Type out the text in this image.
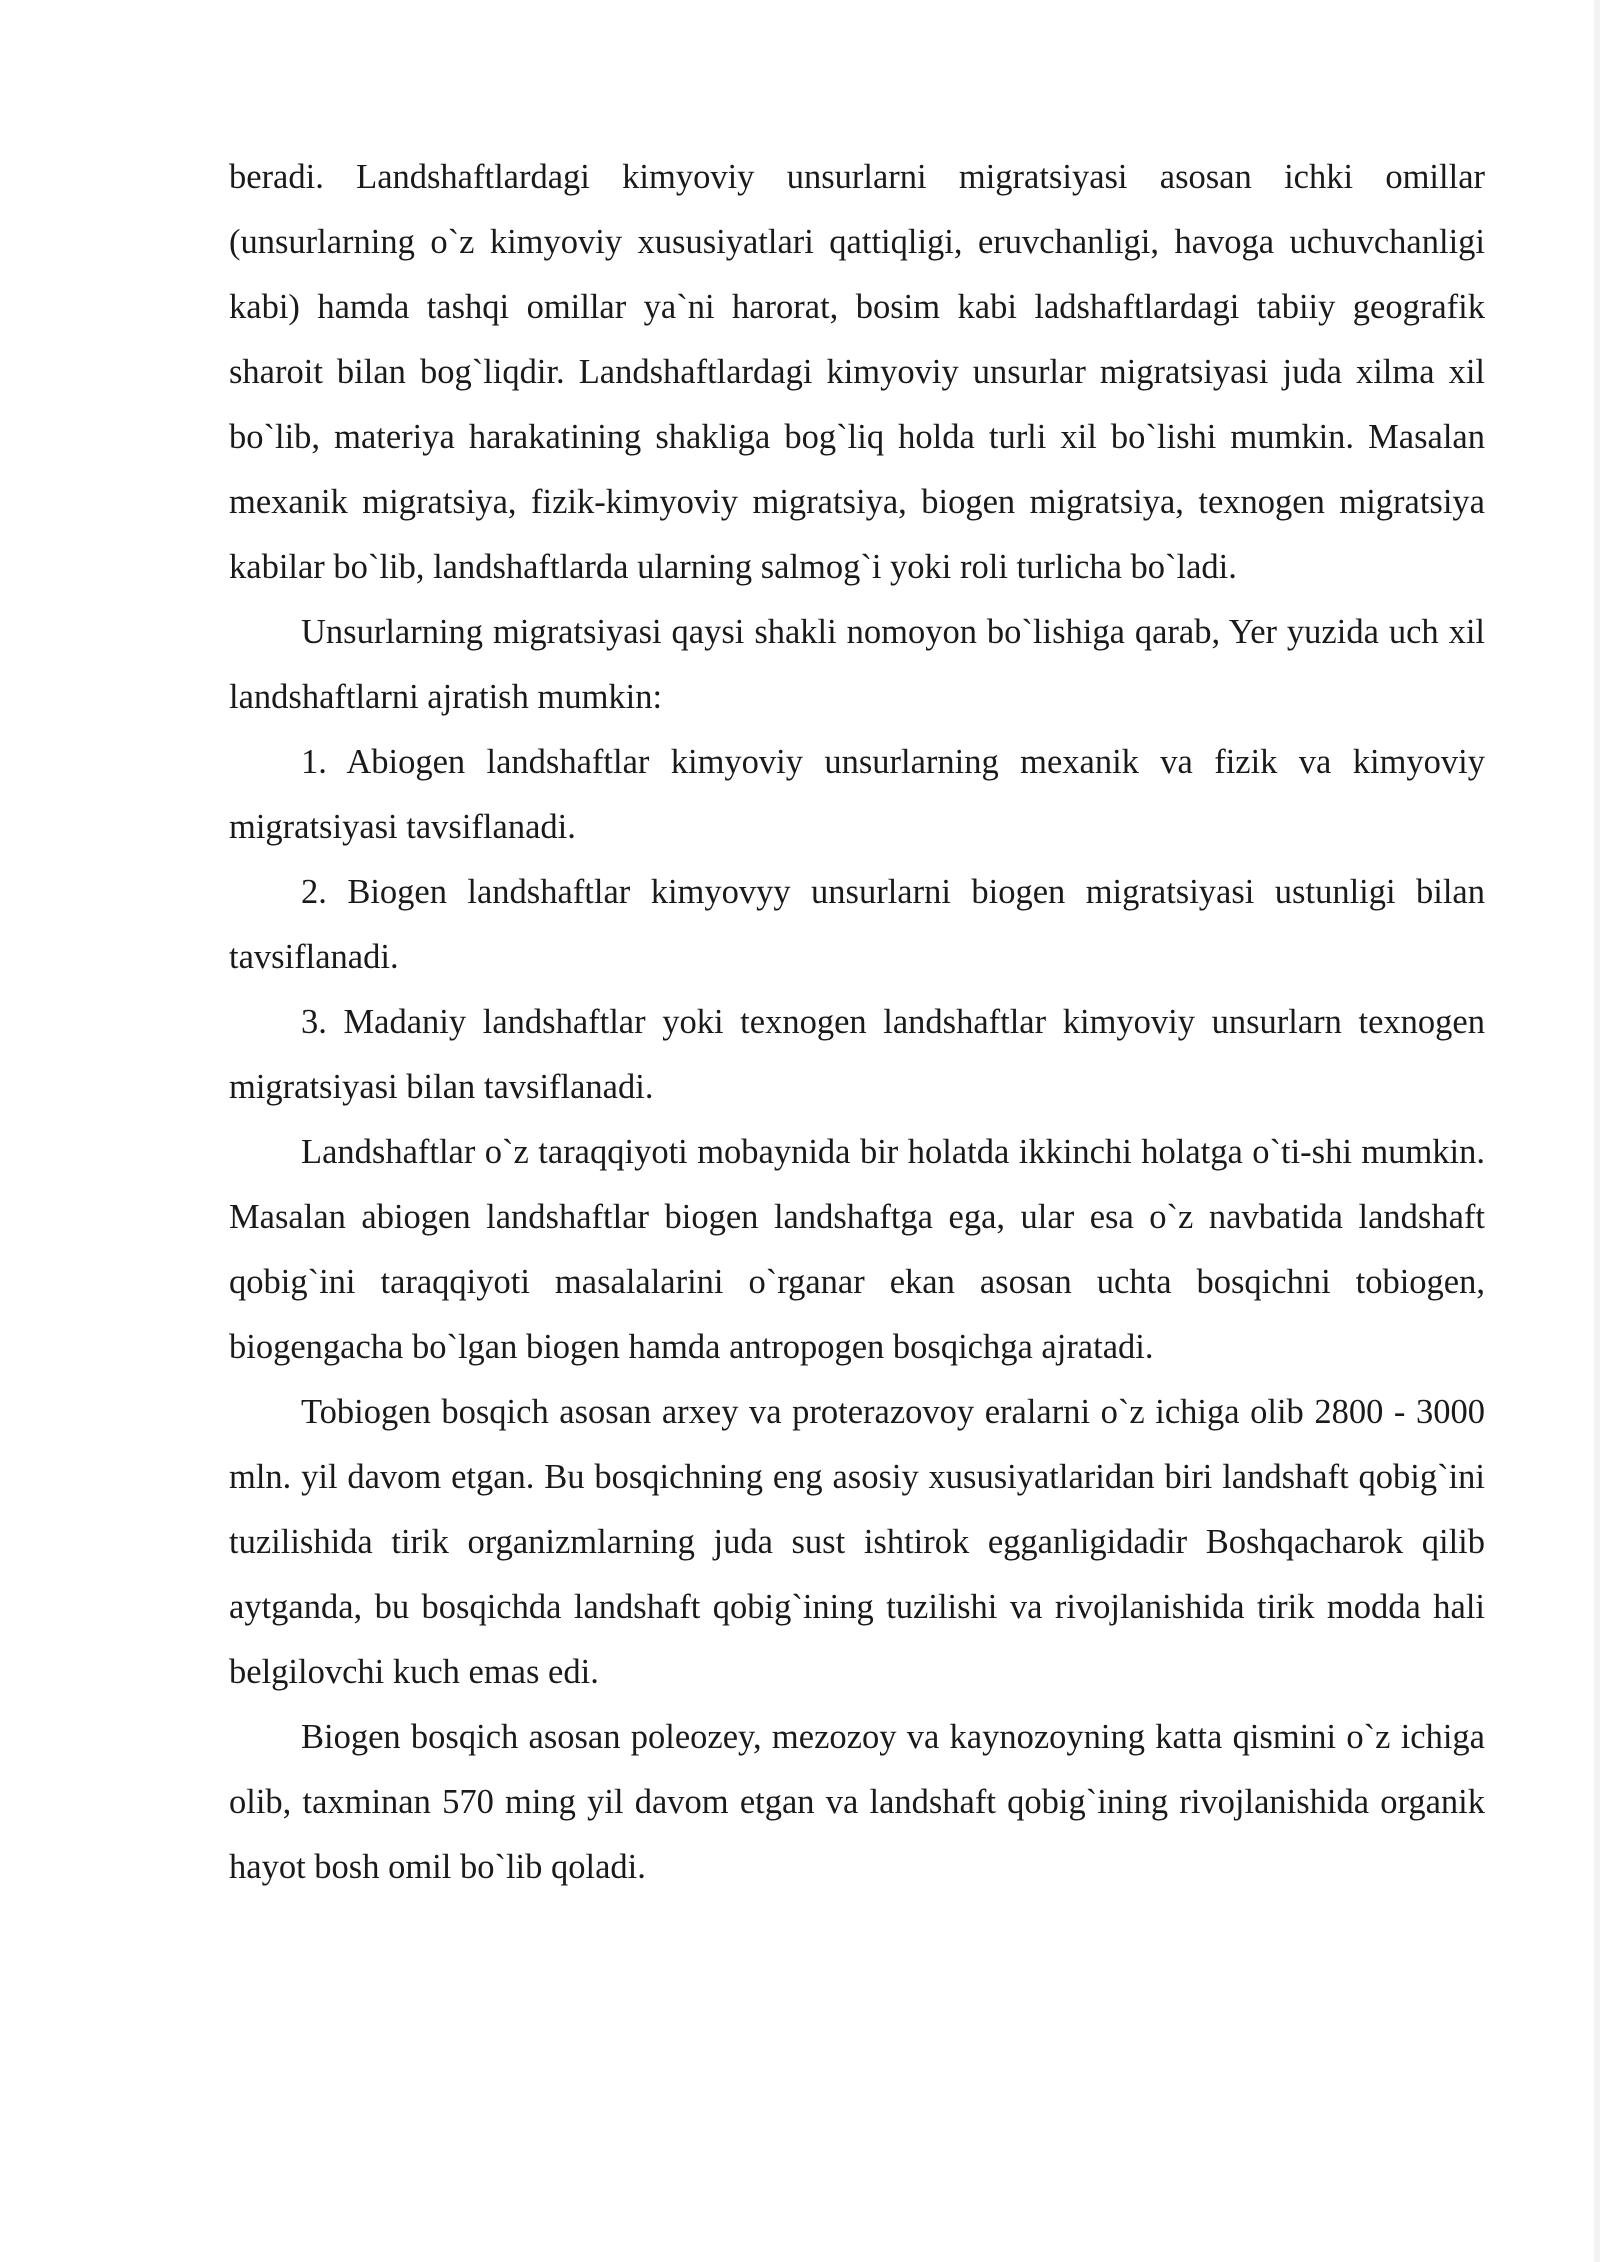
beradi. Landshaftlardagi kimyoviy unsurlarni migratsiyasi asosan ichki omillar (unsurlarning o`z kimyoviy xususiyatlari qattiqligi, eruvchanligi, havoga uchuvchanligi kabi) hamda tashqi omillar ya`ni harorat, bosim kabi ladshaftlardagi tabiiy geografik sharoit bilan bog`liqdir. Landshaftlardagi kimyoviy unsurlar migratsiyasi juda xilma xil bo`lib, materiya harakatining shakliga bog`liq holda turli xil bo`lishi mumkin. Masalan mexanik migratsiya, fizik-kimyoviy migratsiya, biogen migratsiya, texnogen migratsiya kabilar bo`lib, landshaftlarda ularning salmog`i yoki roli turlicha bo`ladi.

Unsurlarning migratsiyasi qaysi shakli nomoyon bo`lishiga qarab, Yer yuzida uch xil landshaftlarni ajratish mumkin:

1. Abiogen landshaftlar kimyoviy unsurlarning mexanik va fizik va kimyoviy migratsiyasi tavsiflanadi.

2. Biogen landshaftlar kimyovyy unsurlarni biogen migratsiyasi ustunligi bilan tavsiflanadi.

3. Madaniy landshaftlar yoki texnogen landshaftlar kimyoviy unsurlarn texnogen migratsiyasi bilan tavsiflanadi.

Landshaftlar o`z taraqqiyoti mobaynida bir holatda ikkinchi holatga o`ti-shi mumkin. Masalan abiogen landshaftlar biogen landshaftga ega, ular esa o`z navbatida landshaft qobig`ini taraqqiyoti masalalarini o`rganar ekan asosan uchta bosqichni tobiogen, biogengacha bo`lgan biogen hamda antropogen bosqichga ajratadi.

Tobiogen bosqich asosan arxey va proterazovoy eralarni o`z ichiga olib 2800 - 3000 mln. yil davom etgan. Bu bosqichning eng asosiy xususiyatlaridan biri landshaft qobig`ini tuzilishida tirik organizmlarning juda sust ishtirok egganligidadir Boshqacharok qilib aytganda, bu bosqichda landshaft qobig`ining tuzilishi va rivojlanishida tirik modda hali belgilovchi kuch emas edi.

Biogen bosqich asosan poleozey, mezozoy va kaynozoyning katta qismini o`z ichiga olib, taxminan 570 ming yil davom etgan va landshaft qobig`ining rivojlanishida organik hayot bosh omil bo`lib qoladi.
